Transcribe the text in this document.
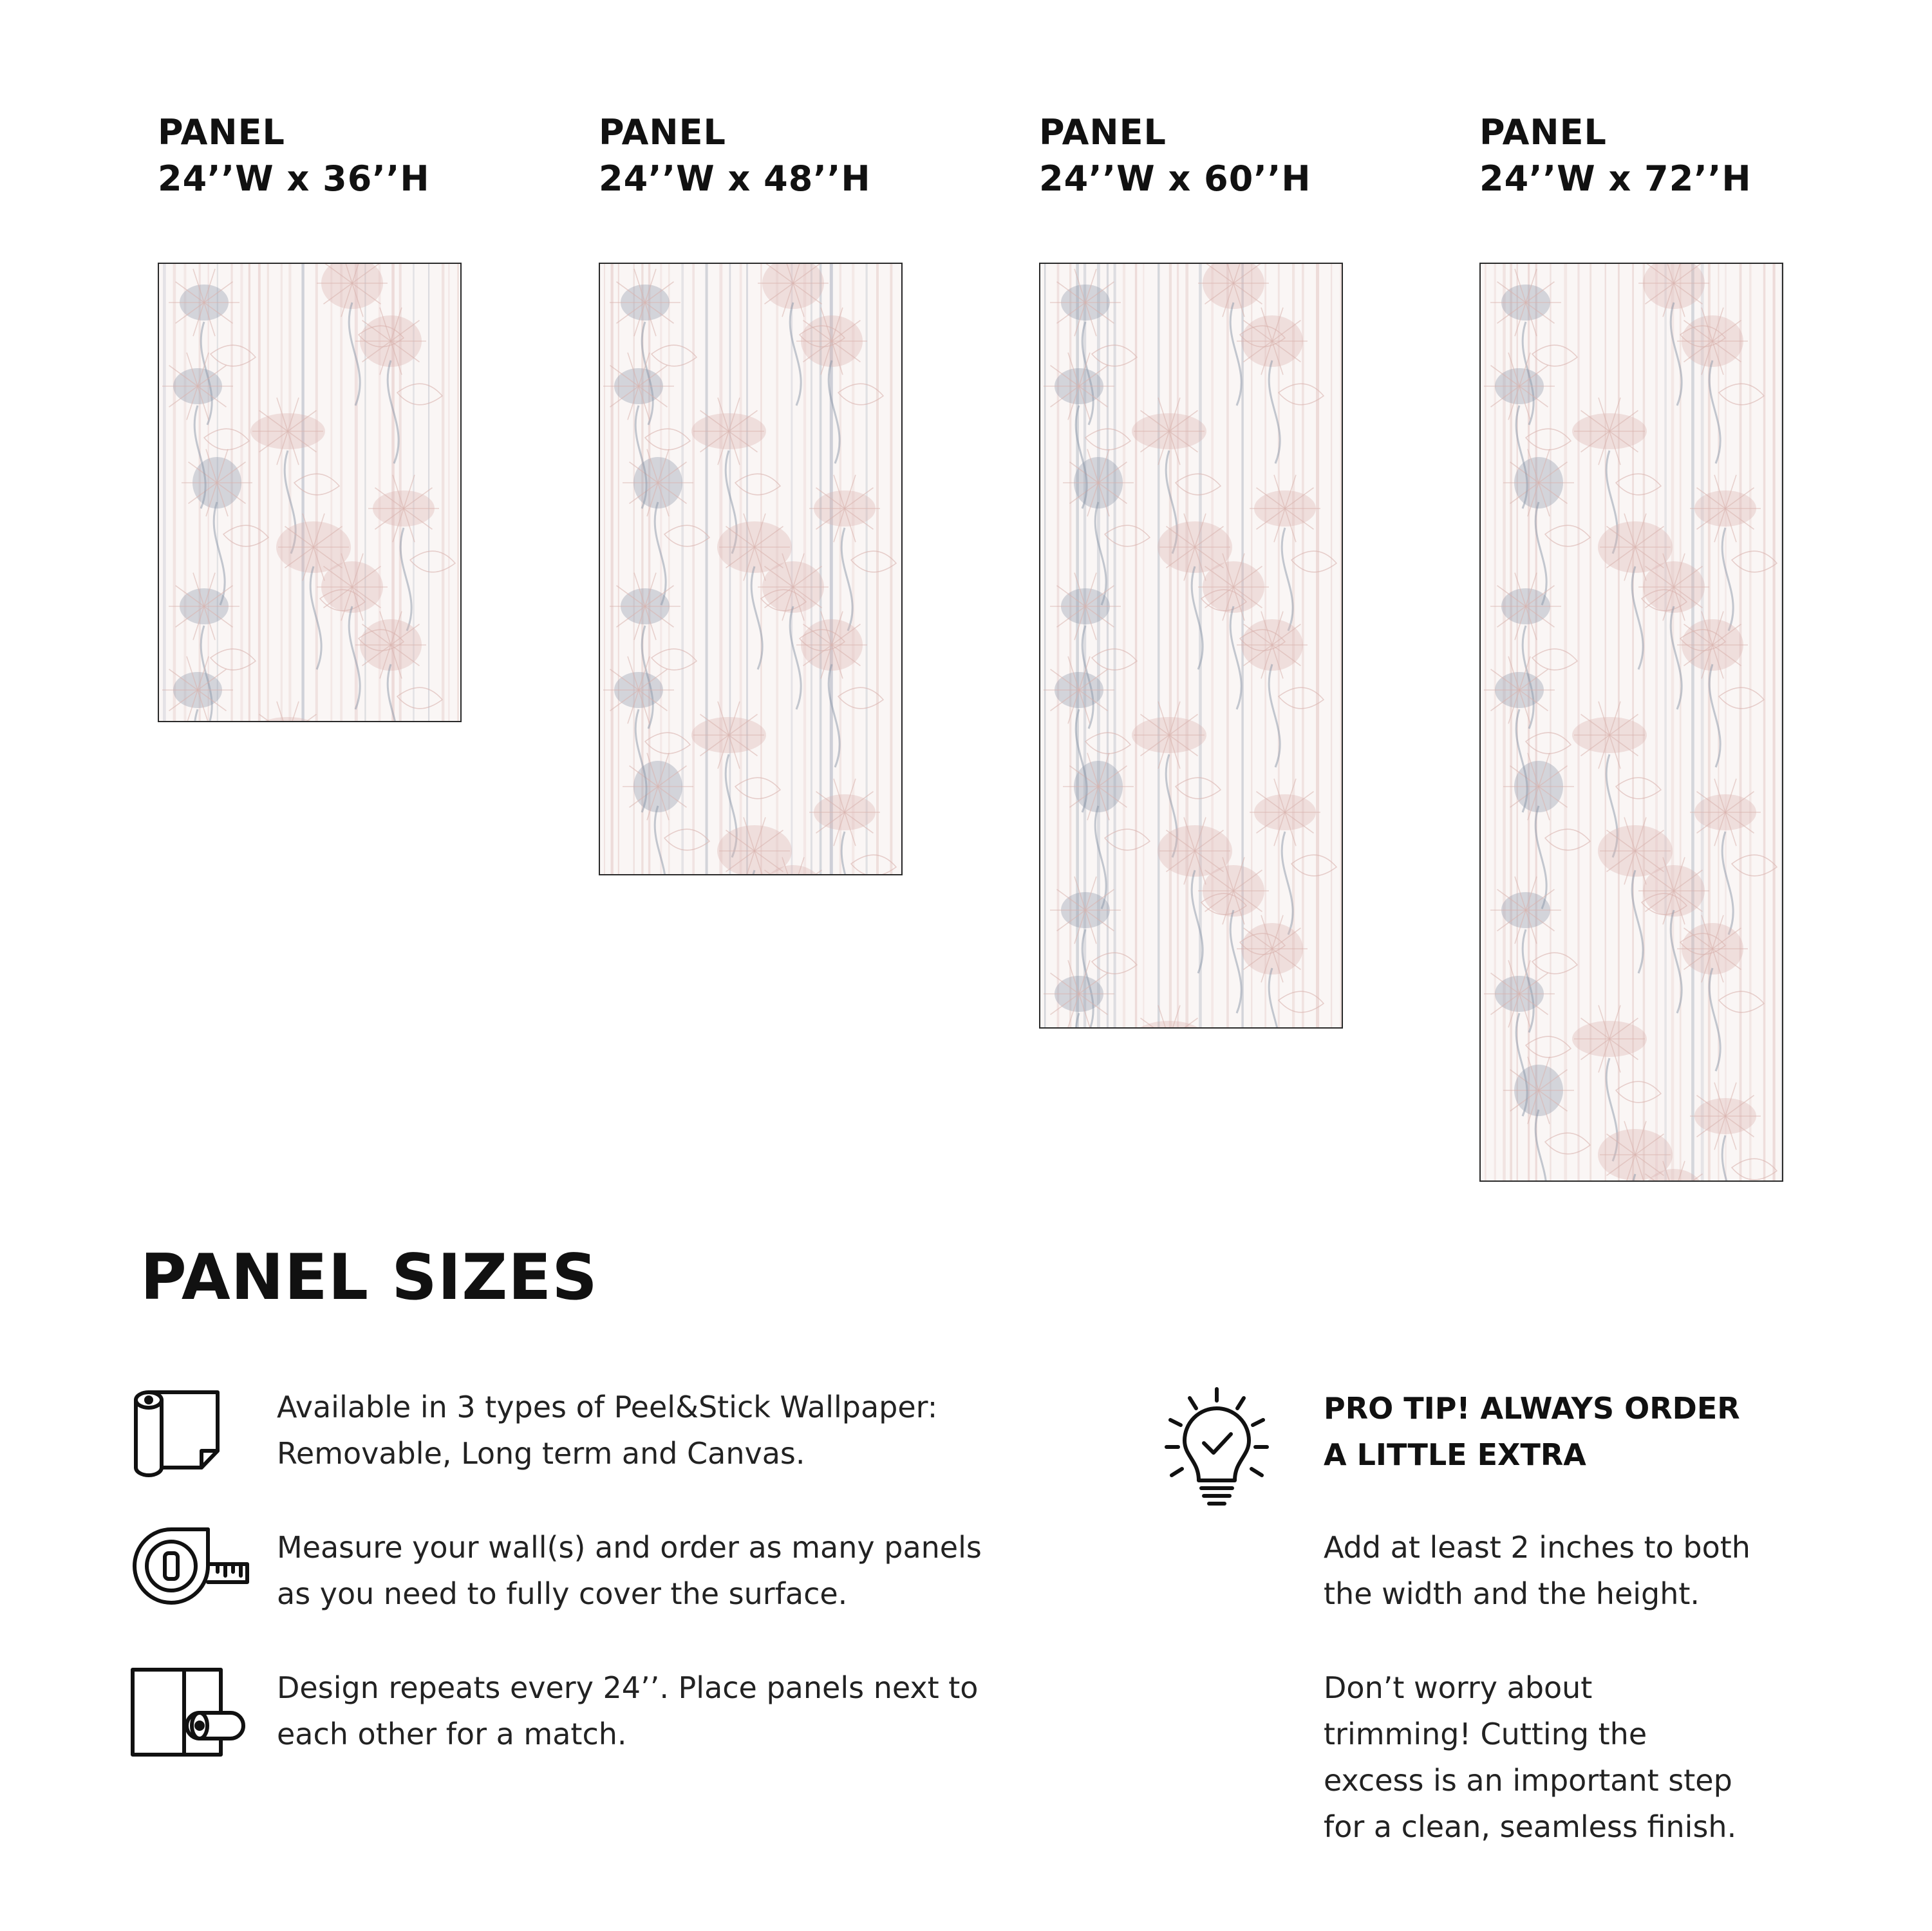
PANEL
24’’W x 36’’H
PANEL
24’’W x 48’’H
PANEL
24’’W x 60’’H
PANEL
24’’W x 72’’H
PANEL SIZES
Available in 3 types of Peel&Stick Wallpaper:
Removable, Long term and Canvas.
Measure your wall(s) and order as many panels
as you need to fully cover the surface.
Design repeats every 24’’. Place panels next to
each other for a match.
PRO TIP! ALWAYS ORDER
A LITTLE EXTRA
Add at least 2 inches to both
the width and the height.
Don’t worry about
trimming! Cutting the
excess is an important step
for a clean, seamless finish.
